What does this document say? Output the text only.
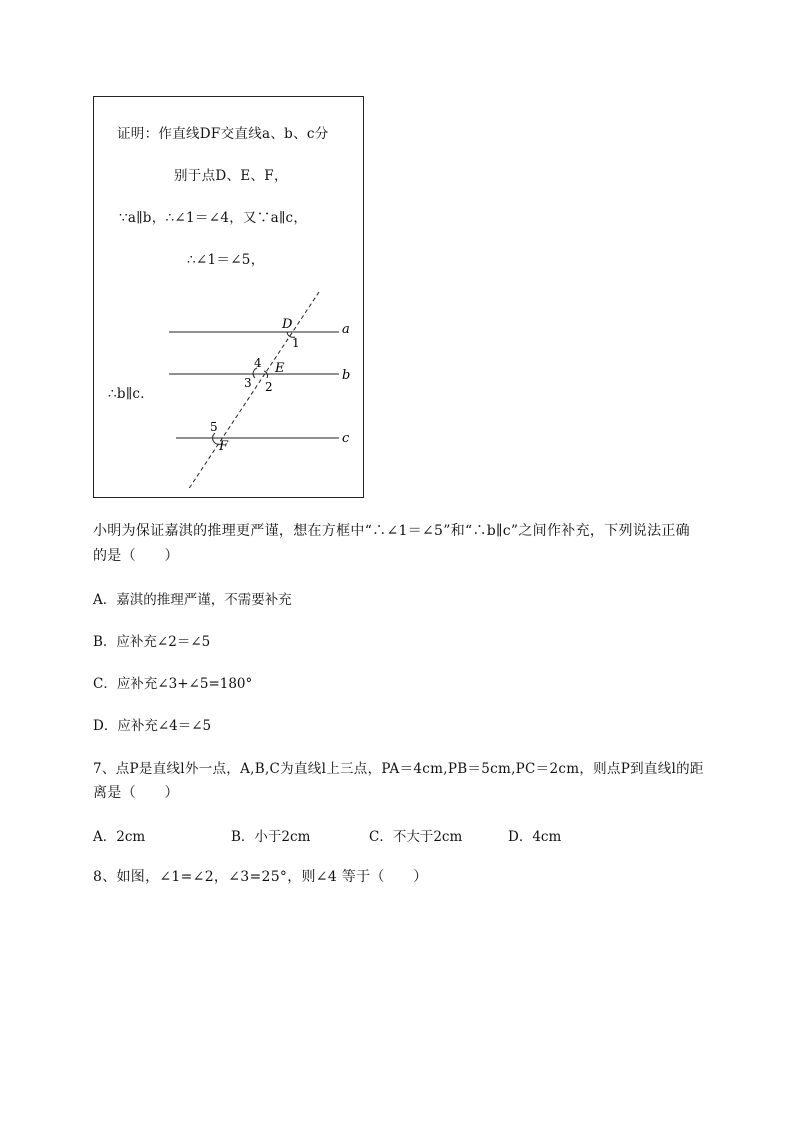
证明：作直线DF交直线a、b、c分
别于点D、E、F，
∵a∥b，∴∠1＝∠4，又∵a∥c，
∴∠1＝∠5，
∴b∥c．
D
1
a
4 E	b
3 2
5
F
c
小明为保证嘉淇的推理更严谨，想在方框中“∴∠1＝∠5”和“∴b∥c”之间作补充，下列说法正确
的是（　　）
A．嘉淇的推理严谨，不需要补充
B．应补充∠2＝∠5
C．应补充∠3+∠5=180°
D．应补充∠4＝∠5
7、点P是直线l外一点，A,B,C为直线l上三点，PA＝4cm,PB＝5cm,PC＝2cm，则点P到直线l的距
离是（　　）
A．2cm	B．小于2cm	C．不大于2cm	D．4cm
8、如图，∠1=∠2，∠3=25°，则∠4 等于（　　）
